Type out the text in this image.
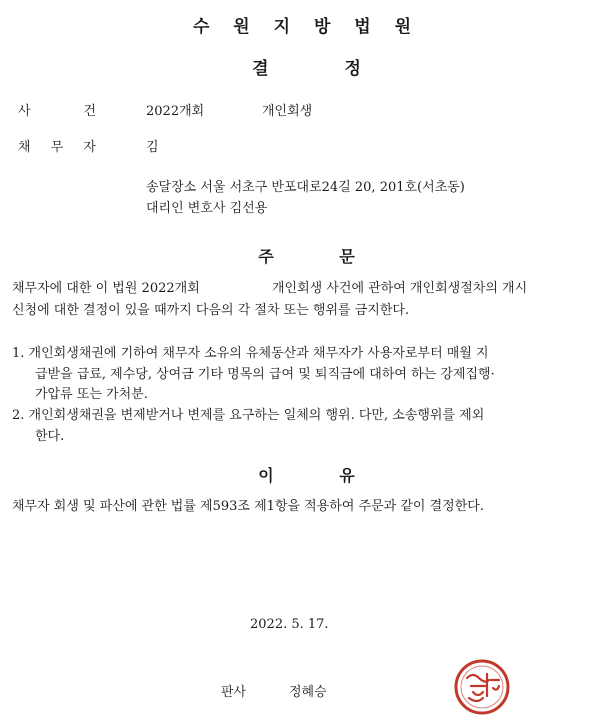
수 원 지 방 법 원
결 정
사 건	2022개회	개인회생
채 무 자	김
송달장소 서울 서초구 반포대로24길 20, 201호(서초동)
대리인 변호사 김선용
주 문
채무자에 대한 이 법원 2022개회	개인회생 사건에 관하여 개인회생절차의 개시
신청에 대한 결정이 있을 때까지 다음의 각 절차 또는 행위를 금지한다.
1. 개인회생채권에 기하여 채무자 소유의 유체동산과 채무자가 사용자로부터 매월 지
급받을 급료, 제수당, 상여금 기타 명목의 급여 및 퇴직금에 대하여 하는 강제집행·
가압류 또는 가처분.
2. 개인회생채권을 변제받거나 변제를 요구하는 일체의 행위. 다만, 소송행위를 제외
한다.
이 유
채무자 회생 및 파산에 관한 법률 제593조 제1항을 적용하여 주문과 같이 결정한다.
2022. 5. 17.
판사	정혜승
